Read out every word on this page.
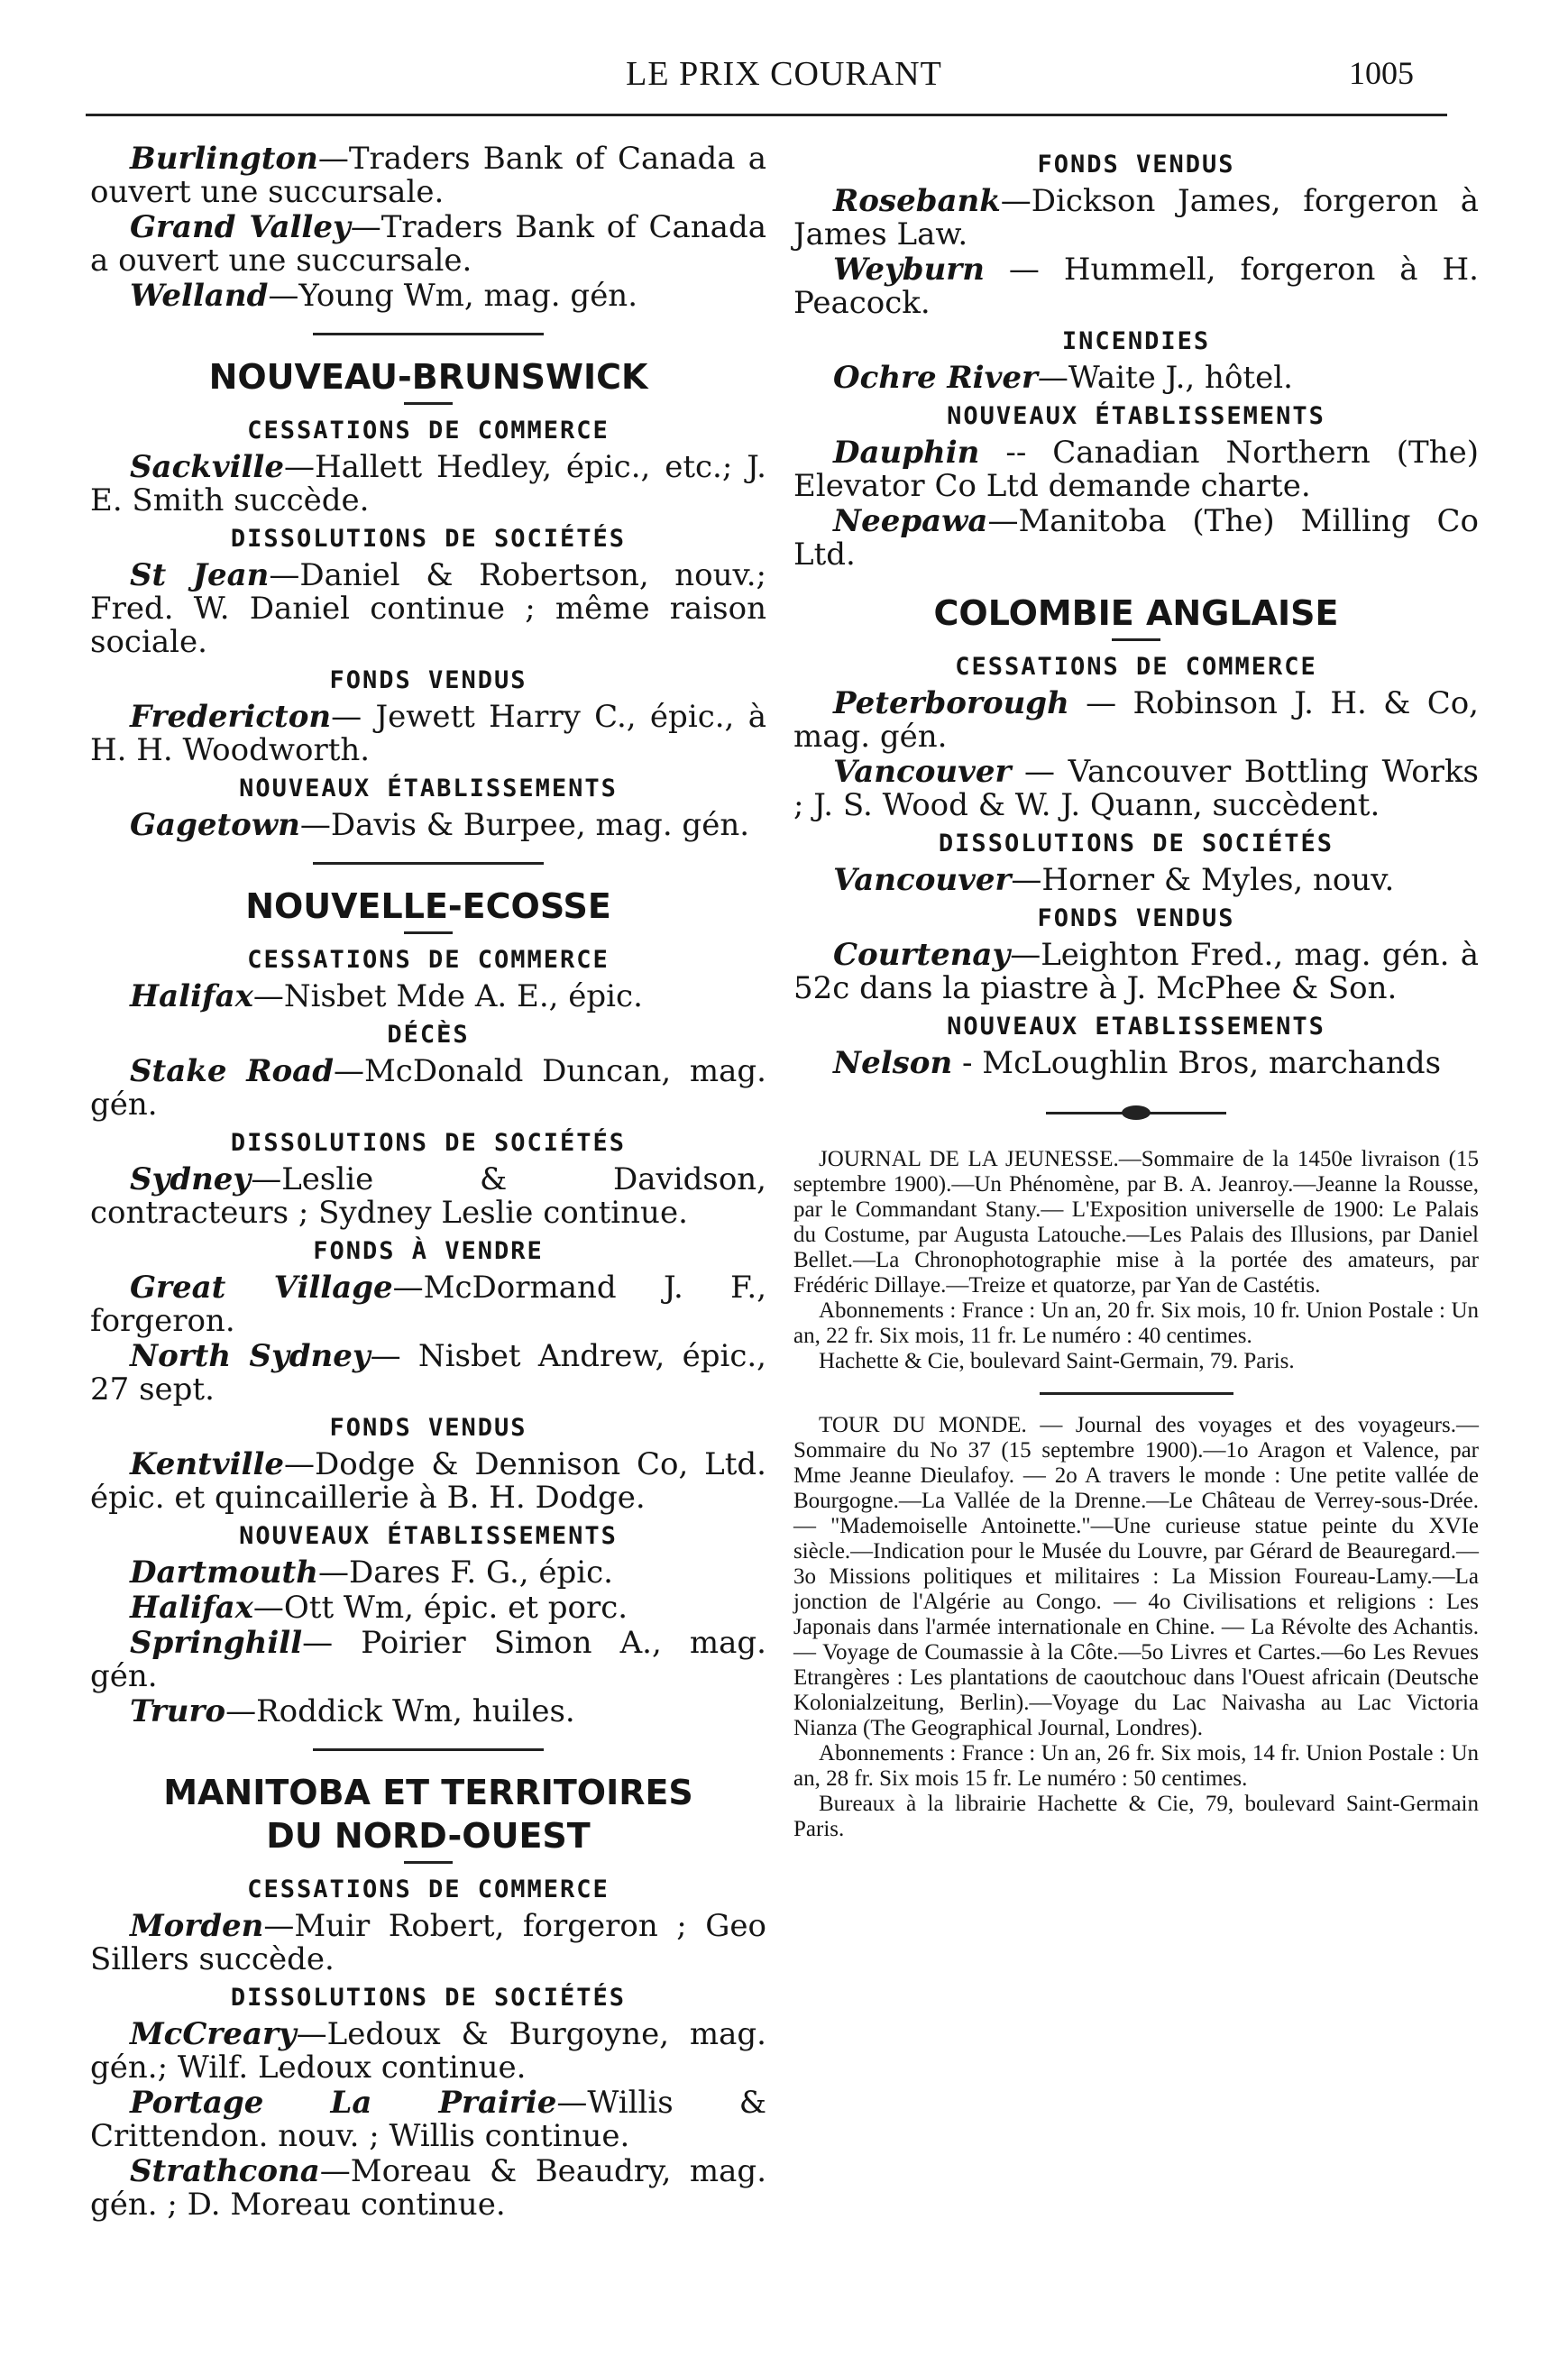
LE PRIX COURANT	1005

Burlington—Traders Bank of Canada a ouvert une succursale.

Grand Valley—Traders Bank of Canada a ouvert une succursale.

Welland—Young Wm, mag. gén.

NOUVEAU-BRUNSWICK
CESSATIONS DE COMMERCE

Sackville—Hallett Hedley, épic., etc.; J. E. Smith succède.

DISSOLUTIONS DE SOCIÉTÉS

St Jean—Daniel & Robertson, nouv.; Fred. W. Daniel continue ; même raison sociale.

FONDS VENDUS

Fredericton— Jewett Harry C., épic., à H. H. Woodworth.

NOUVEAUX ÉTABLISSEMENTS

Gagetown—Davis & Burpee, mag. gén.

NOUVELLE-ECOSSE
CESSATIONS DE COMMERCE

Halifax—Nisbet Mde A. E., épic.

DÉCÈS

Stake Road—McDonald Duncan, mag. gén.

DISSOLUTIONS DE SOCIÉTÉS

Sydney—Leslie & Davidson, contracteurs ; Sydney Leslie continue.

FONDS À VENDRE

Great Village—McDormand J. F., forgeron.

North Sydney— Nisbet Andrew, épic., 27 sept.

FONDS VENDUS

Kentville—Dodge & Dennison Co, Ltd. épic. et quincaillerie à B. H. Dodge.

NOUVEAUX ÉTABLISSEMENTS

Dartmouth—Dares F. G., épic.

Halifax—Ott Wm, épic. et porc.

Springhill— Poirier Simon A., mag. gén.

Truro—Roddick Wm, huiles.

MANITOBA ET TERRITOIRES
DU NORD-OUEST
CESSATIONS DE COMMERCE

Morden—Muir Robert, forgeron ; Geo Sillers succède.

DISSOLUTIONS DE SOCIÉTÉS

McCreary—Ledoux & Burgoyne, mag. gén.; Wilf. Ledoux continue.

Portage La Prairie—Willis & Crittendon. nouv. ; Willis continue.

Strathcona—Moreau & Beaudry, mag. gén. ; D. Moreau continue.

FONDS VENDUS

Rosebank—Dickson James, forgeron à James Law.

Weyburn — Hummell, forgeron à H. Peacock.

INCENDIES

Ochre River—Waite J., hôtel.

NOUVEAUX ÉTABLISSEMENTS

Dauphin -- Canadian Northern (The) Elevator Co Ltd demande charte.

Neepawa—Manitoba (The) Milling Co Ltd.

COLOMBIE ANGLAISE
CESSATIONS DE COMMERCE

Peterborough — Robinson J. H. & Co, mag. gén.

Vancouver — Vancouver Bottling Works ; J. S. Wood & W. J. Quann, succèdent.

DISSOLUTIONS DE SOCIÉTÉS

Vancouver—Horner & Myles, nouv.

FONDS VENDUS

Courtenay—Leighton Fred., mag. gén. à 52c dans la piastre à J. McPhee & Son.

NOUVEAUX ETABLISSEMENTS

Nelson - McLoughlin Bros, marchands

JOURNAL DE LA JEUNESSE.—Sommaire de la 1450e livraison (15 septembre 1900).—Un Phénomène, par B. A. Jeanroy.—Jeanne la Rousse, par le Commandant Stany.— L'Exposition universelle de 1900: Le Palais du Costume, par Augusta Latouche.—Les Palais des Illusions, par Daniel Bellet.—La Chronophotographie mise à la portée des amateurs, par Frédéric Dillaye.—Treize et quatorze, par Yan de Castétis.

Abonnements : France : Un an, 20 fr. Six mois, 10 fr. Union Postale : Un an, 22 fr. Six mois, 11 fr. Le numéro : 40 centimes.

Hachette & Cie, boulevard Saint-Germain, 79. Paris.

TOUR DU MONDE. — Journal des voyages et des voyageurs.—Sommaire du No 37 (15 septembre 1900).—1o Aragon et Valence, par Mme Jeanne Dieulafoy. — 2o A travers le monde : Une petite vallée de Bourgogne.—La Vallée de la Drenne.—Le Château de Verrey-sous-Drée. — "Mademoiselle Antoinette."—Une curieuse statue peinte du XVIe siècle.—Indication pour le Musée du Louvre, par Gérard de Beauregard.—3o Missions politiques et militaires : La Mission Foureau-Lamy.—La jonction de l'Algérie au Congo. — 4o Civilisations et religions : Les Japonais dans l'armée internationale en Chine. — La Révolte des Achantis. — Voyage de Coumassie à la Côte.—5o Livres et Cartes.—6o Les Revues Etrangères : Les plantations de caoutchouc dans l'Ouest africain (Deutsche Kolonialzeitung, Berlin).—Voyage du Lac Naivasha au Lac Victoria Nianza (The Geographical Journal, Londres).

Abonnements : France : Un an, 26 fr. Six mois, 14 fr. Union Postale : Un an, 28 fr. Six mois 15 fr. Le numéro : 50 centimes.

Bureaux à la librairie Hachette & Cie, 79, boulevard Saint-Germain Paris.
